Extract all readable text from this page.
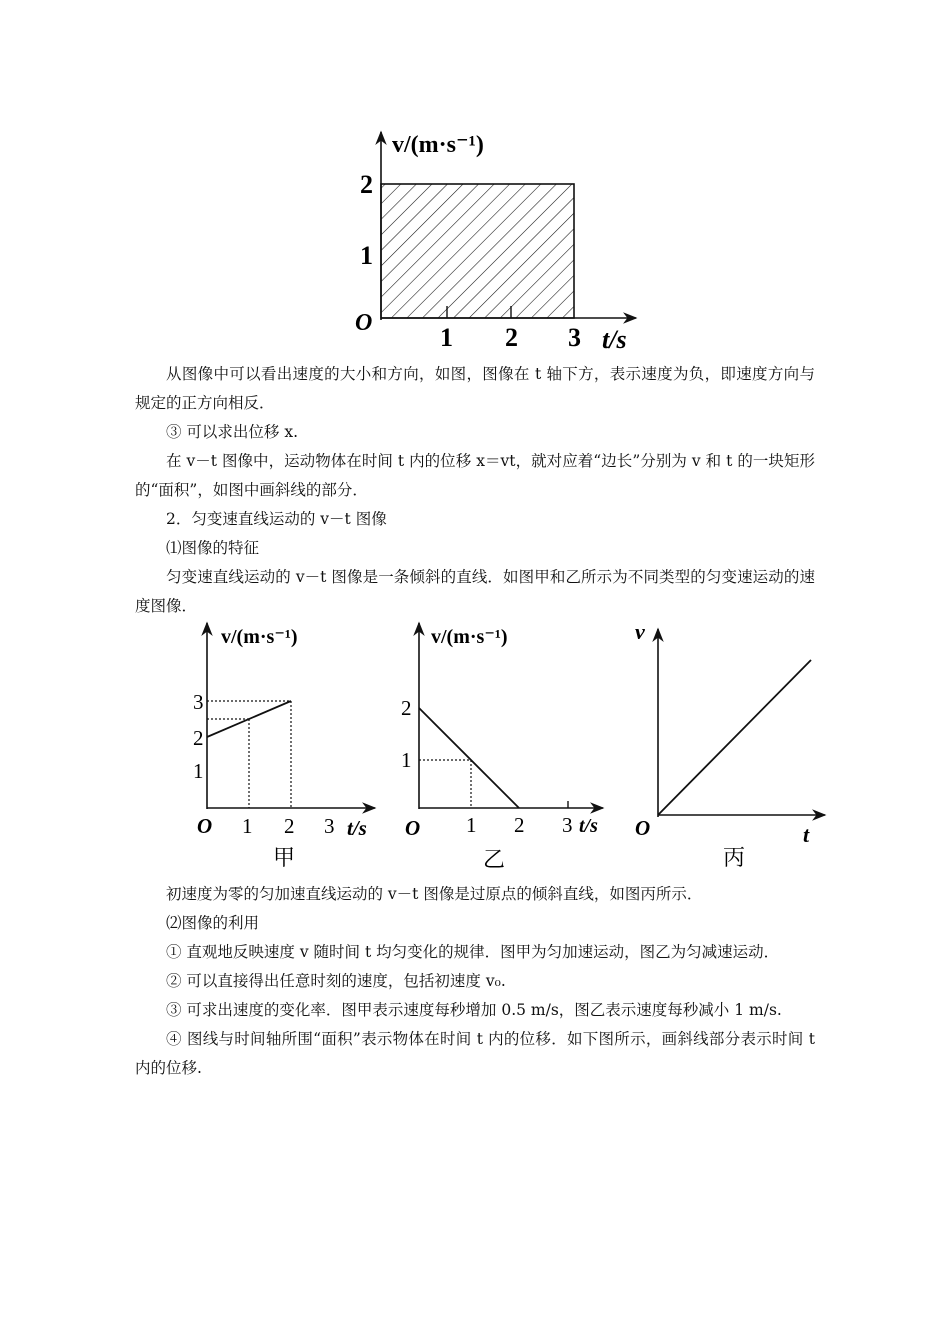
v/(m·s⁻¹)
2
1
O	1 2 3 t/s

从图像中可以看出速度的大小和方向，如图，图像在 t 轴下方，表示速度为负，即速度方向与规定的正方向相反．

③ 可以求出位移 x.

在 v－t 图像中，运动物体在时间 t 内的位移 x＝vt，就对应着“边长”分别为 v 和 t 的一块矩形的“面积”，如图中画斜线的部分．

2．匀变速直线运动的 v－t 图像

⑴图像的特征

匀变速直线运动的 v－t 图像是一条倾斜的直线．如图甲和乙所示为不同类型的匀变速运动的速度图像．

v/(m·s⁻¹)
3
2
1
O 1 2 3 t/s
甲
v/(m·s⁻¹)
2
1
O 1 2 3 t/s
乙
v
O	t
丙

初速度为零的匀加速直线运动的 v－t 图像是过原点的倾斜直线，如图丙所示．

⑵图像的利用

① 直观地反映速度 v 随时间 t 均匀变化的规律．图甲为匀加速运动，图乙为匀减速运动．

② 可以直接得出任意时刻的速度，包括初速度 v₀.

③ 可求出速度的变化率．图甲表示速度每秒增加 0.5 m/s，图乙表示速度每秒减小 1 m/s.

④ 图线与时间轴所围“面积”表示物体在时间 t 内的位移．如下图所示，画斜线部分表示时间 t 内的位移.
